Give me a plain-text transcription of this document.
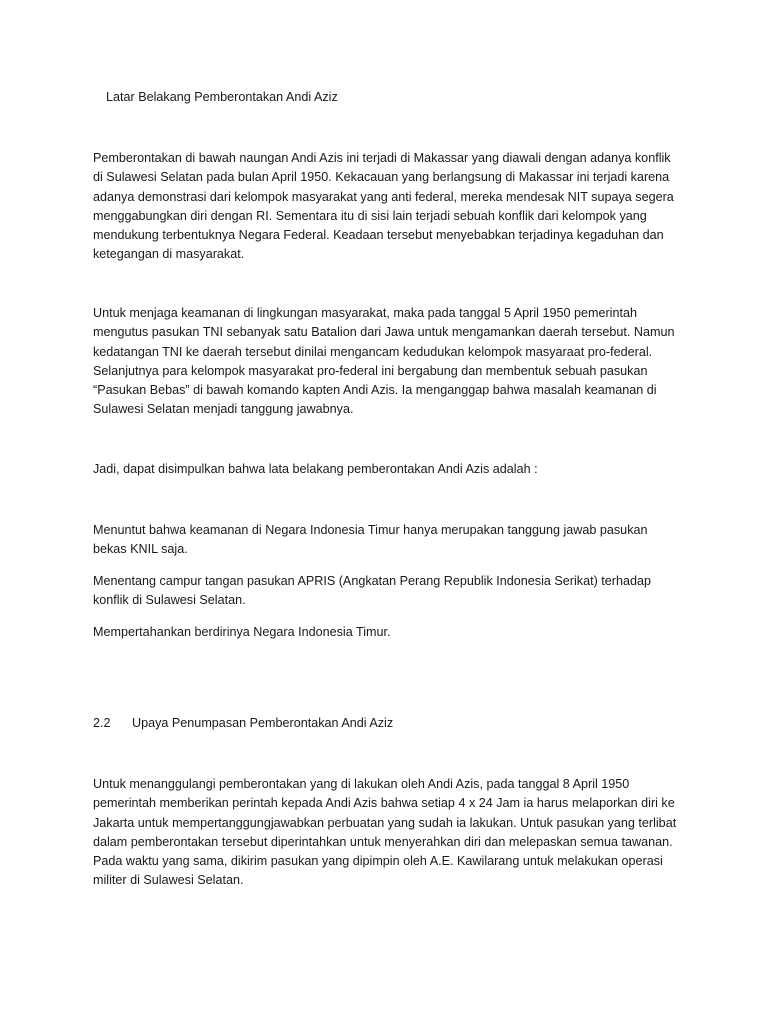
Latar Belakang Pemberontakan Andi Aziz

Pemberontakan di bawah naungan Andi Azis ini terjadi di Makassar yang diawali dengan adanya konflik di Sulawesi Selatan pada bulan April 1950. Kekacauan yang berlangsung di Makassar ini terjadi karena adanya demonstrasi dari kelompok masyarakat yang anti federal, mereka mendesak NIT supaya segera menggabungkan diri dengan RI. Sementara itu di sisi lain terjadi sebuah konflik dari kelompok yang mendukung terbentuknya Negara Federal. Keadaan tersebut menyebabkan terjadinya kegaduhan dan ketegangan di masyarakat.

Untuk menjaga keamanan di lingkungan masyarakat, maka pada tanggal 5 April 1950 pemerintah mengutus pasukan TNI sebanyak satu Batalion dari Jawa untuk mengamankan daerah tersebut. Namun kedatangan TNI ke daerah tersebut dinilai mengancam kedudukan kelompok masyaraat pro-federal. Selanjutnya para kelompok masyarakat pro-federal ini bergabung dan membentuk sebuah pasukan “Pasukan Bebas” di bawah komando kapten Andi Azis. Ia menganggap bahwa masalah keamanan di Sulawesi Selatan menjadi tanggung jawabnya.

Jadi, dapat disimpulkan bahwa lata belakang pemberontakan Andi Azis adalah :

Menuntut bahwa keamanan di Negara Indonesia Timur hanya merupakan tanggung jawab pasukan bekas KNIL saja.

Menentang campur tangan pasukan APRIS (Angkatan Perang Republik Indonesia Serikat) terhadap konflik di Sulawesi Selatan.

Mempertahankan berdirinya Negara Indonesia Timur.

2.2	Upaya Penumpasan Pemberontakan Andi Aziz

Untuk menanggulangi pemberontakan yang di lakukan oleh Andi Azis, pada tanggal 8 April 1950 pemerintah memberikan perintah kepada Andi Azis bahwa setiap 4 x 24 Jam ia harus melaporkan diri ke Jakarta untuk mempertanggungjawabkan perbuatan yang sudah ia lakukan. Untuk pasukan yang terlibat dalam pemberontakan tersebut diperintahkan untuk menyerahkan diri dan melepaskan semua tawanan. Pada waktu yang sama, dikirim pasukan yang dipimpin oleh A.E. Kawilarang untuk melakukan operasi militer di Sulawesi Selatan.
